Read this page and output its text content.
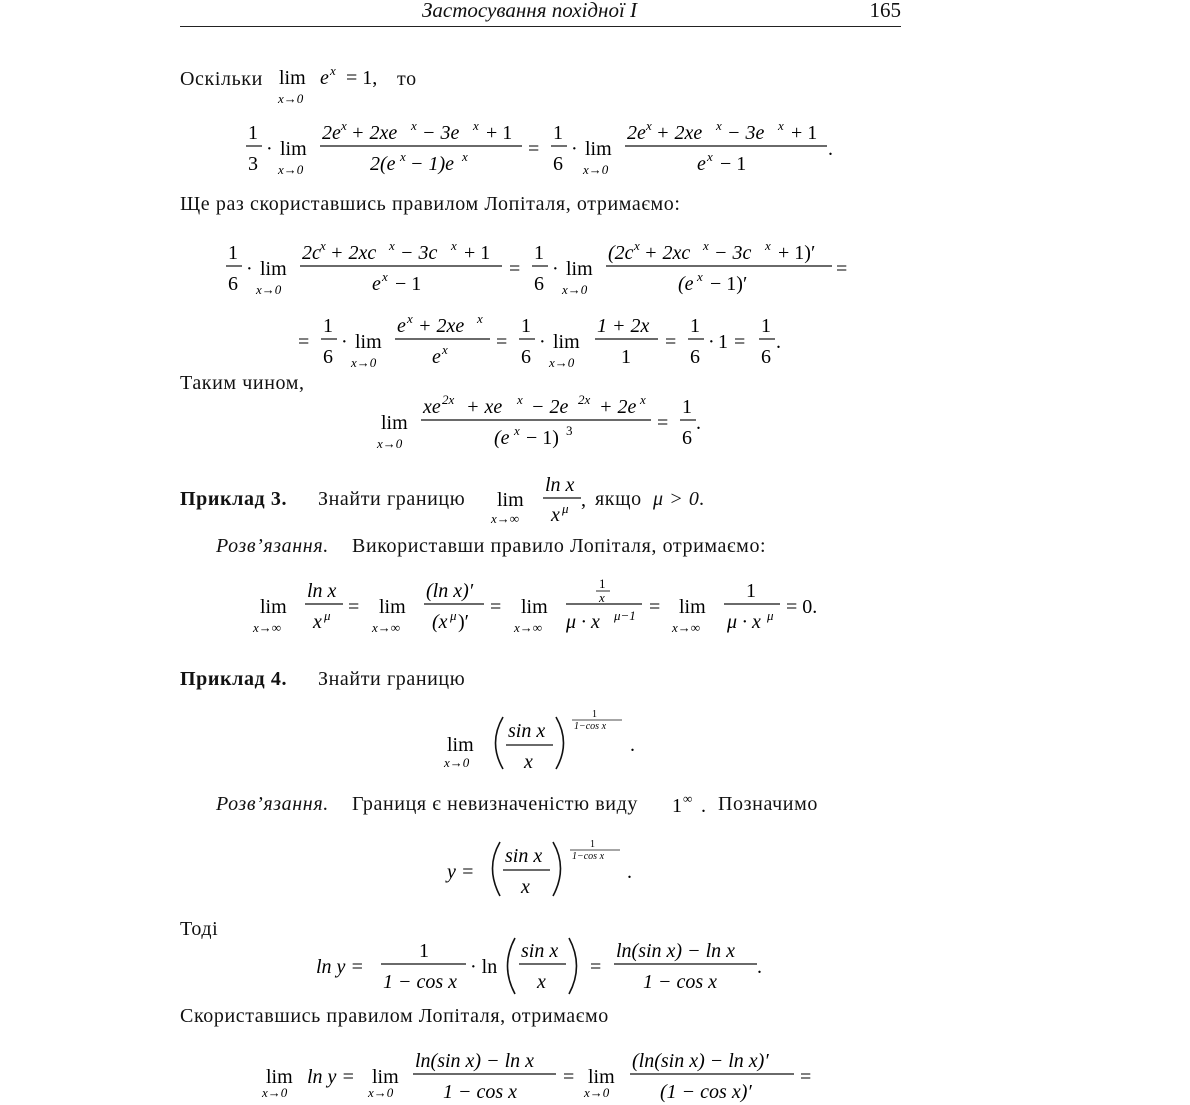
Застосування похідної I	165
Оскільки lim
x→0
e x = 1, то
1
3
· lim
x→0
2e x + 2xe x − 3e x + 1
2(e x − 1)e x	=
1
6
· lim
x→0
2e x + 2xe x − 3e x + 1
e x − 1
.
Ще раз скориставшись правилом Лопіталя, отримаємо:
1
6
· lim
x→0
2c x + 2xc x − 3c x + 1
e x − 1
=
1
6
· lim
x→0
(2c x + 2xc x − 3c x + 1)′
(e x − 1)′
=
=
1
6
· lim
x→0
e x + 2xe x
e x =
1
6
· lim
x→0
1 + 2x
1
=
1
6
· 1 =
1
6
.
Таким чином,
lim
x→0
xe 2x + xe x − 2e 2x + 2e x
(e x − 1) 3	=
1
6
.
Приклад 3. Знайти границю lim
x→∞
ln x
x μ , якщо μ > 0.
Розв’язання. Використавши правило Лопіталя, отримаємо:
lim
x→∞
ln x
x μ = lim
x→∞
(ln x)′
(x μ )′
= lim
x→∞
1
x
μ · x μ−1 = lim
x→∞
1
μ · x μ = 0.
Приклад 4. Знайти границю
lim
x→0
sin x
x
1
1−cos x
.
Розв’язання. Границя є невизначеністю виду 1 ∞ . Позначимо
y =
sin x
x
1
1−cos x
.
Тоді
ln y =
1
1 − cos x
· ln
sin x
x
=
ln(sin x) − ln x
1 − cos x
.
Скориставшись правилом Лопіталя, отримаємо
lim
x→0
ln y = lim
x→0
ln(sin x) − ln x
1 − cos x
= lim
x→0
(ln(sin x) − ln x)′
(1 − cos x)′
=
